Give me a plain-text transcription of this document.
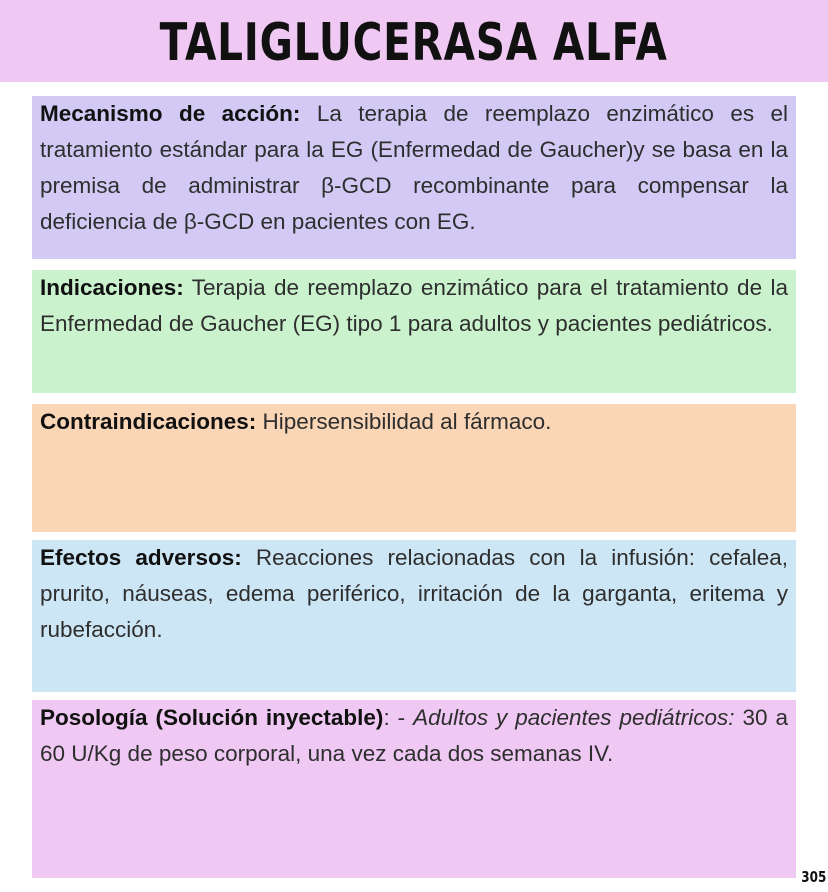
TALIGLUCERASA ALFA
Mecanismo de acción: La terapia de reemplazo enzimático es el tratamiento estándar para la EG (Enfermedad de Gaucher)y se basa en la premisa de administrar β-GCD recombinante para compensar la deficiencia de β-GCD en pacientes con EG.
Indicaciones: Terapia de reemplazo enzimático para el tratamiento de la Enfermedad de Gaucher (EG) tipo 1 para adultos y pacientes pediátricos.
Contraindicaciones: Hipersensibilidad al fármaco.
Efectos adversos: Reacciones relacionadas con la infusión: cefalea, prurito, náuseas, edema periférico, irritación de la garganta, eritema y rubefacción.
Posología (Solución inyectable): - Adultos y pacientes pediátricos: 30 a 60 U/Kg de peso corporal, una vez cada dos semanas IV.
305
